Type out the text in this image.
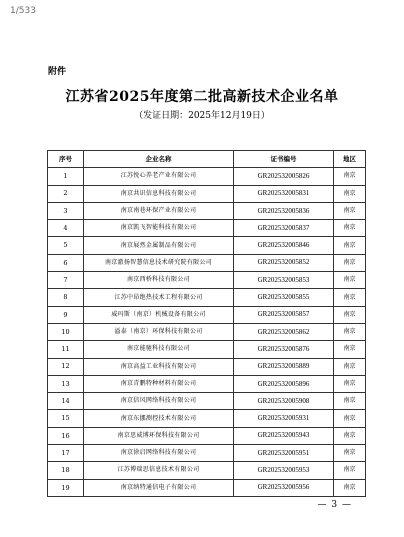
1/533
附件
江苏省2025年度第二批高新技术企业名单
（发证日期：2025年12月19日）
序号	企业名称	证书编号	地区
1	江苏悦心养老产业有限公司	GR202532005826	南京
2	南京共识信息科技有限公司	GR202532005831	南京
3	南京南巷环保产业有限公司	GR202532005836	南京
4	南京凯飞智能科技有限公司	GR202532005837	南京
5	南京展然金属制品有限公司	GR202532005846	南京
6	南京澈扬智慧信息技术研究院有限公司	GR202532005852	南京
7	南京西桥科技有限公司	GR202532005853	南京
8	江苏中昂绝热技术工程有限公司	GR202532005855	南京
9	威玛斯（南京）机械设备有限公司	GR202532005857	南京
10	溢泰（南京）环保科技有限公司	GR202532005862	南京
11	南京能驰科技有限公司	GR202532005876	南京
12	南京高益工业科技有限公司	GR202532005889	南京
13	南京青鹏特种材料有限公司	GR202532005896	南京
14	南京信风网络科技有限公司	GR202532005908	南京
15	南京东挪测控技术有限公司	GR202532005931	南京
16	南京思威博环保科技有限公司	GR202532005943	南京
17	南京徐启网络科技有限公司	GR202532005951	南京
18	江苏博瑞思信息技术有限公司	GR202532005953	南京
19	南京纳特通信电子有限公司	GR202532005956	南京
— 3 —
